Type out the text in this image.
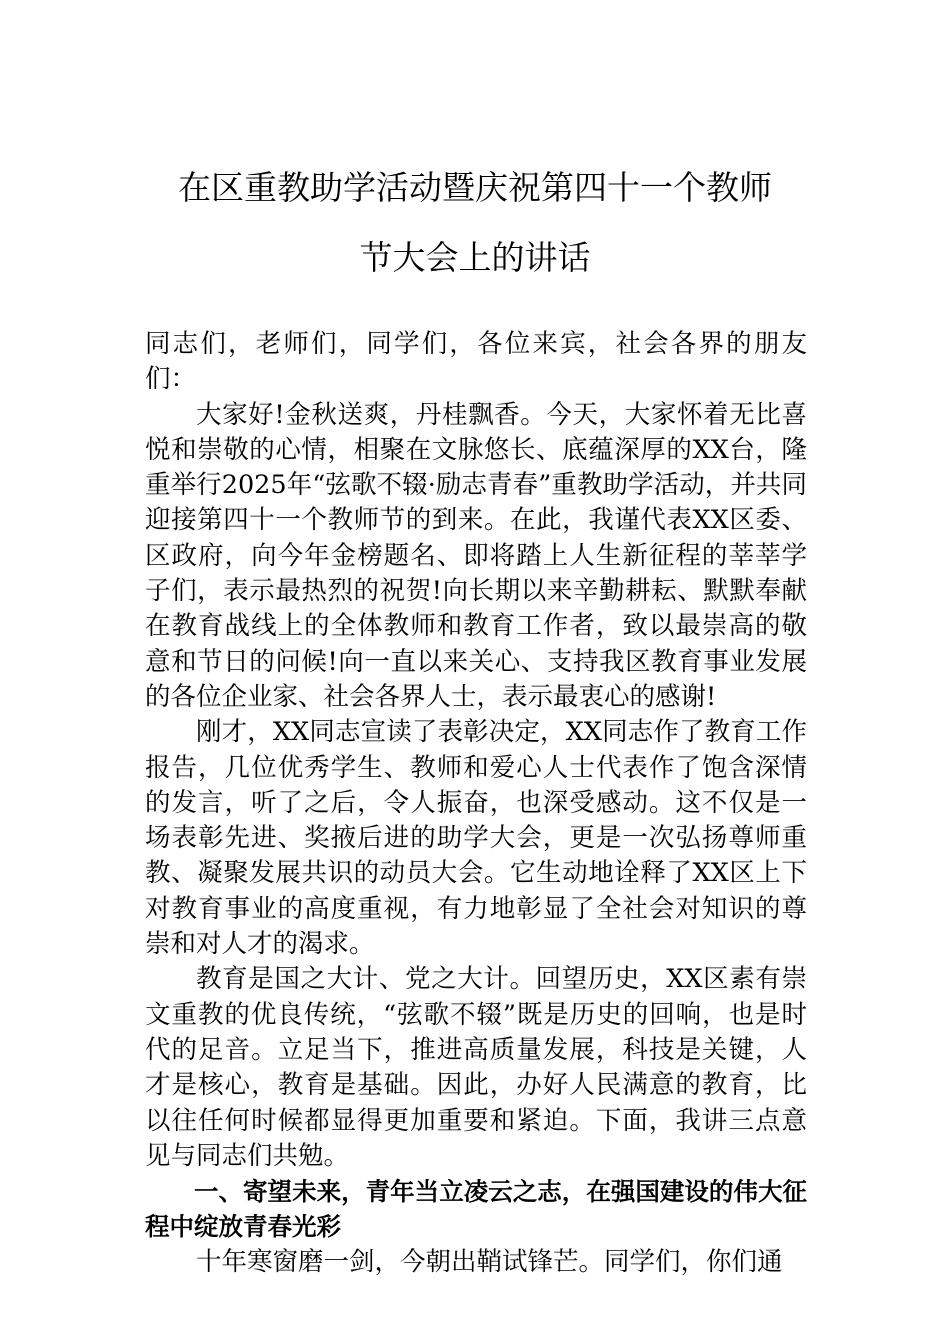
在区重教助学活动暨庆祝第四十一个教师
节大会上的讲话

同志们，老师们，同学们，各位来宾，社会各界的朋友们：

大家好!金秋送爽，丹桂飘香。今天，大家怀着无比喜悦和崇敬的心情，相聚在文脉悠长、底蕴深厚的XX台，隆重举行2025年“弦歌不辍·励志青春”重教助学活动，并共同迎接第四十一个教师节的到来。在此，我谨代表XX区委、区政府，向今年金榜题名、即将踏上人生新征程的莘莘学子们，表示最热烈的祝贺!向长期以来辛勤耕耘、默默奉献在教育战线上的全体教师和教育工作者，致以最崇高的敬意和节日的问候!向一直以来关心、支持我区教育事业发展的各位企业家、社会各界人士，表示最衷心的感谢!

刚才，XX同志宣读了表彰决定，XX同志作了教育工作报告，几位优秀学生、教师和爱心人士代表作了饱含深情的发言，听了之后，令人振奋，也深受感动。这不仅是一场表彰先进、奖掖后进的助学大会，更是一次弘扬尊师重教、凝聚发展共识的动员大会。它生动地诠释了XX区上下对教育事业的高度重视，有力地彰显了全社会对知识的尊崇和对人才的渴求。

教育是国之大计、党之大计。回望历史，XX区素有崇文重教的优良传统，“弦歌不辍”既是历史的回响，也是时代的足音。立足当下，推进高质量发展，科技是关键，人才是核心，教育是基础。因此，办好人民满意的教育，比以往任何时候都显得更加重要和紧迫。下面，我讲三点意见与同志们共勉。

一、寄望未来，青年当立凌云之志，在强国建设的伟大征程中绽放青春光彩

十年寒窗磨一剑，今朝出鞘试锋芒。同学们，你们通
